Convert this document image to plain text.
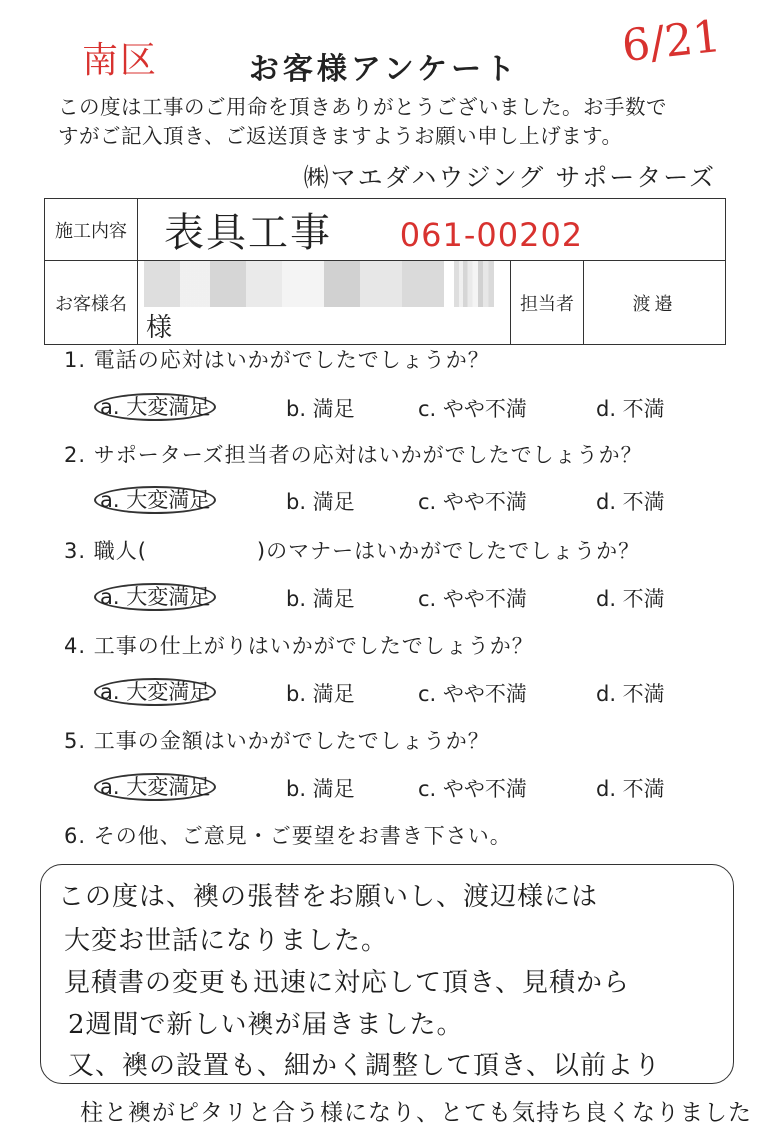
南区	6/21
お客様アンケート
この度は工事のご用命を頂きありがとうございました。お手数で
すがご記入頂き、ご返送頂きますようお願い申し上げます。
㈱マエダハウジング サポーターズ
施工内容	表具工事 061-00202		
お客様名	様	担当者	渡邉
1. 電話の応対はいかがでしたでしょうか？
a. 大変満足	b. 満足	c. やや不満	d. 不満
2. サポーターズ担当者の応対はいかがでしたでしょうか？
a. 大変満足	b. 満足	c. やや不満	d. 不満
3. 職人(　　　　　)のマナーはいかがでしたでしょうか？
a. 大変満足	b. 満足	c. やや不満	d. 不満
4. 工事の仕上がりはいかがでしたでしょうか？
a. 大変満足	b. 満足	c. やや不満	d. 不満
5. 工事の金額はいかがでしたでしょうか？
a. 大変満足	b. 満足	c. やや不満	d. 不満
6. その他、ご意見・ご要望をお書き下さい。
この度は、襖の張替をお願いし、渡辺様には
大変お世話になりました。
見積書の変更も迅速に対応して頂き、見積から
2週間で新しい襖が届きました。
又、襖の設置も、細かく調整して頂き、以前より
柱と襖がピタリと合う様になり、とても気持ち良くなりました
